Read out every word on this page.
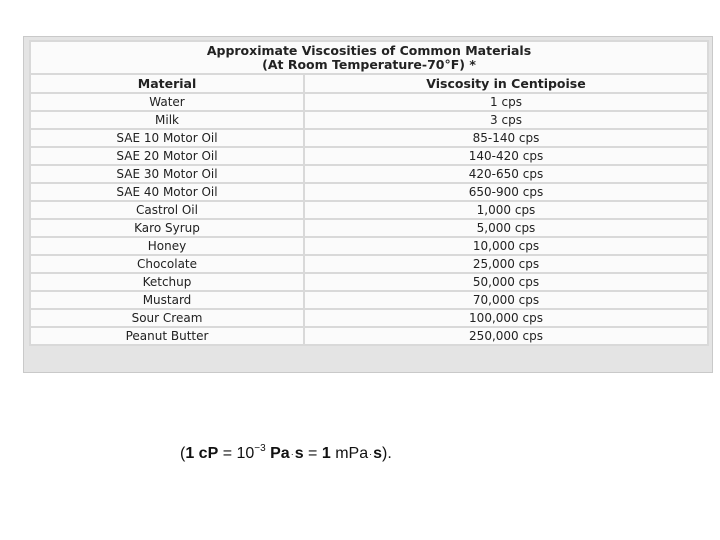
Approximate Viscosities of Common Materials
(At Room Temperature-70°F) *	

Material	Viscosity in Centipoise
Water	1 cps
Milk	3 cps
SAE 10 Motor Oil	85-140 cps
SAE 20 Motor Oil	140-420 cps
SAE 30 Motor Oil	420-650 cps
SAE 40 Motor Oil	650-900 cps
Castrol Oil	1,000 cps
Karo Syrup	5,000 cps
Honey	10,000 cps
Chocolate	25,000 cps
Ketchup	50,000 cps
Mustard	70,000 cps
Sour Cream	100,000 cps
Peanut Butter	250,000 cps
(1 cP = $10^{-3}$ Pa·s = 1 mPa·s).
